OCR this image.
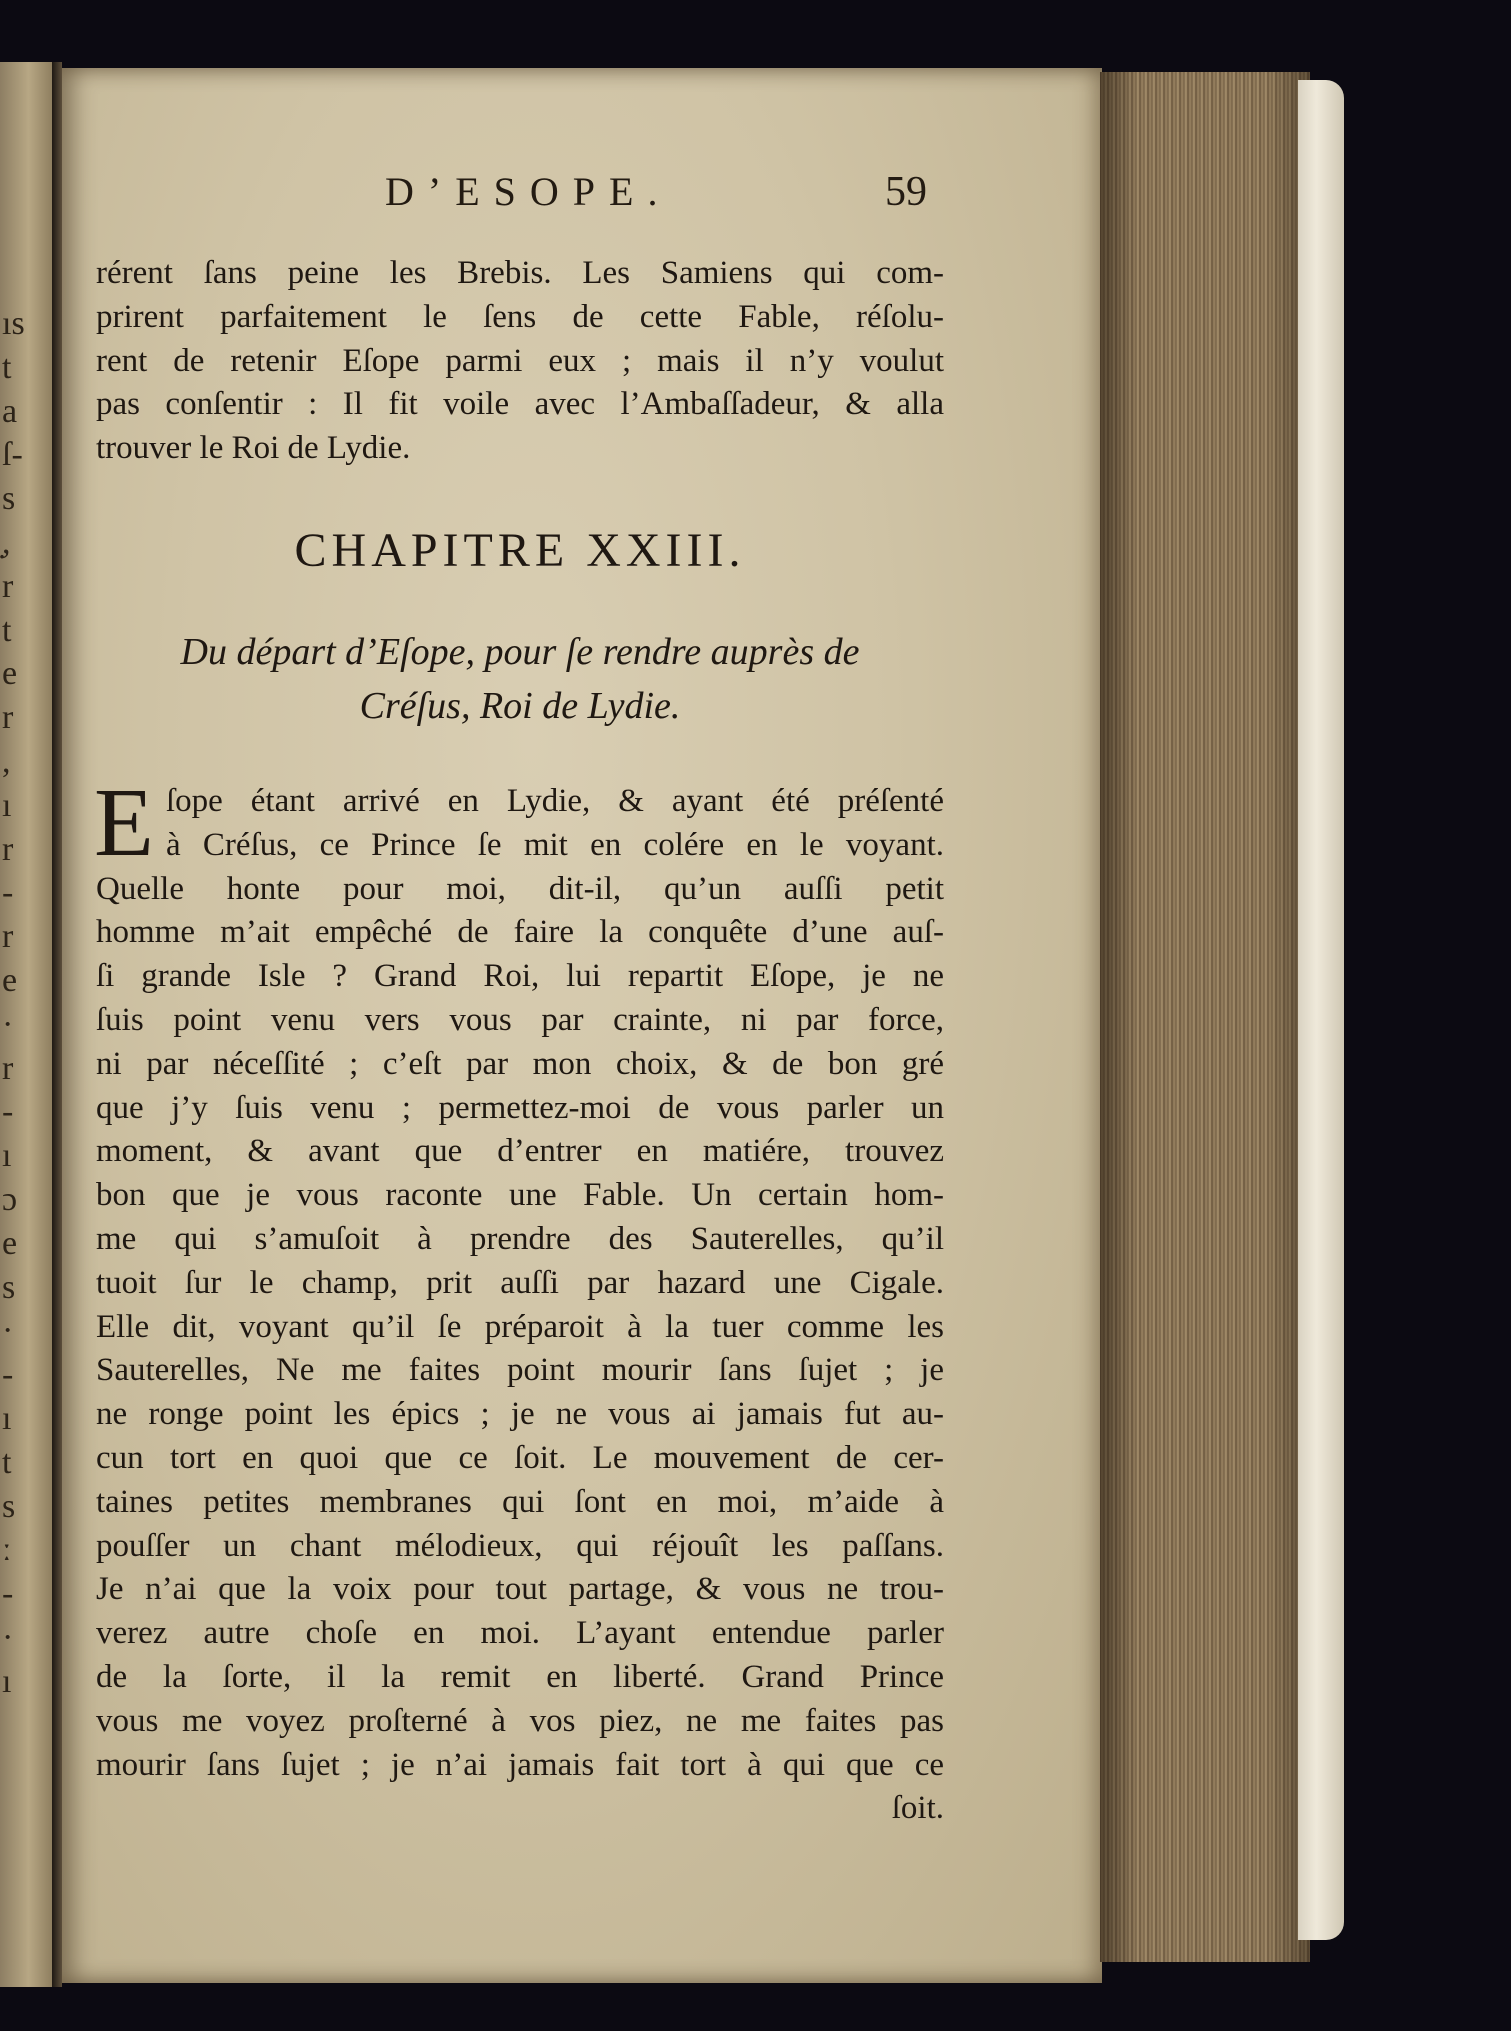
ıs
t
a
ſ-
s
̣,
r
t
e
r
,
ı
r
-
r
e
·
r
-
ı
ɔ
e
s
·
-
ı
t
s
ː
-
·
ı
D’ESOPE.	59
rérent ſans peine les Brebis. Les Samiens qui com-
prirent parfaitement le ſens de cette Fable, réſolu-
rent de retenir Eſope parmi eux ; mais il n’y voulut
pas conſentir : Il fit voile avec l’Ambaſſadeur, & alla
trouver le Roi de Lydie.
CHAPITRE XXIII.
Du départ d’Eſope, pour ſe rendre auprès de
Créſus, Roi de Lydie.
E ſope étant arrivé en Lydie, & ayant été préſenté
à Créſus, ce Prince ſe mit en colére en le voyant.
Quelle honte pour moi, dit-il, qu’un auſſi petit
homme m’ait empêché de faire la conquête d’une auſ-
ſi grande Isle ? Grand Roi, lui repartit Eſope, je ne
ſuis point venu vers vous par crainte, ni par force,
ni par néceſſité ; c’eſt par mon choix, & de bon gré
que j’y ſuis venu ; permettez-moi de vous parler un
moment, & avant que d’entrer en matiére, trouvez
bon que je vous raconte une Fable. Un certain hom-
me qui s’amuſoit à prendre des Sauterelles, qu’il
tuoit ſur le champ, prit auſſi par hazard une Cigale.
Elle dit, voyant qu’il ſe préparoit à la tuer comme les
Sauterelles, Ne me faites point mourir ſans ſujet ; je
ne ronge point les épics ; je ne vous ai jamais fut au-
cun tort en quoi que ce ſoit. Le mouvement de cer-
taines petites membranes qui ſont en moi, m’aide à
pouſſer un chant mélodieux, qui réjouît les paſſans.
Je n’ai que la voix pour tout partage, & vous ne trou-
verez autre choſe en moi. L’ayant entendue parler
de la ſorte, il la remit en liberté. Grand Prince
vous me voyez proſterné à vos piez, ne me faites pas
mourir ſans ſujet ; je n’ai jamais fait tort à qui que ce
ſoit.
